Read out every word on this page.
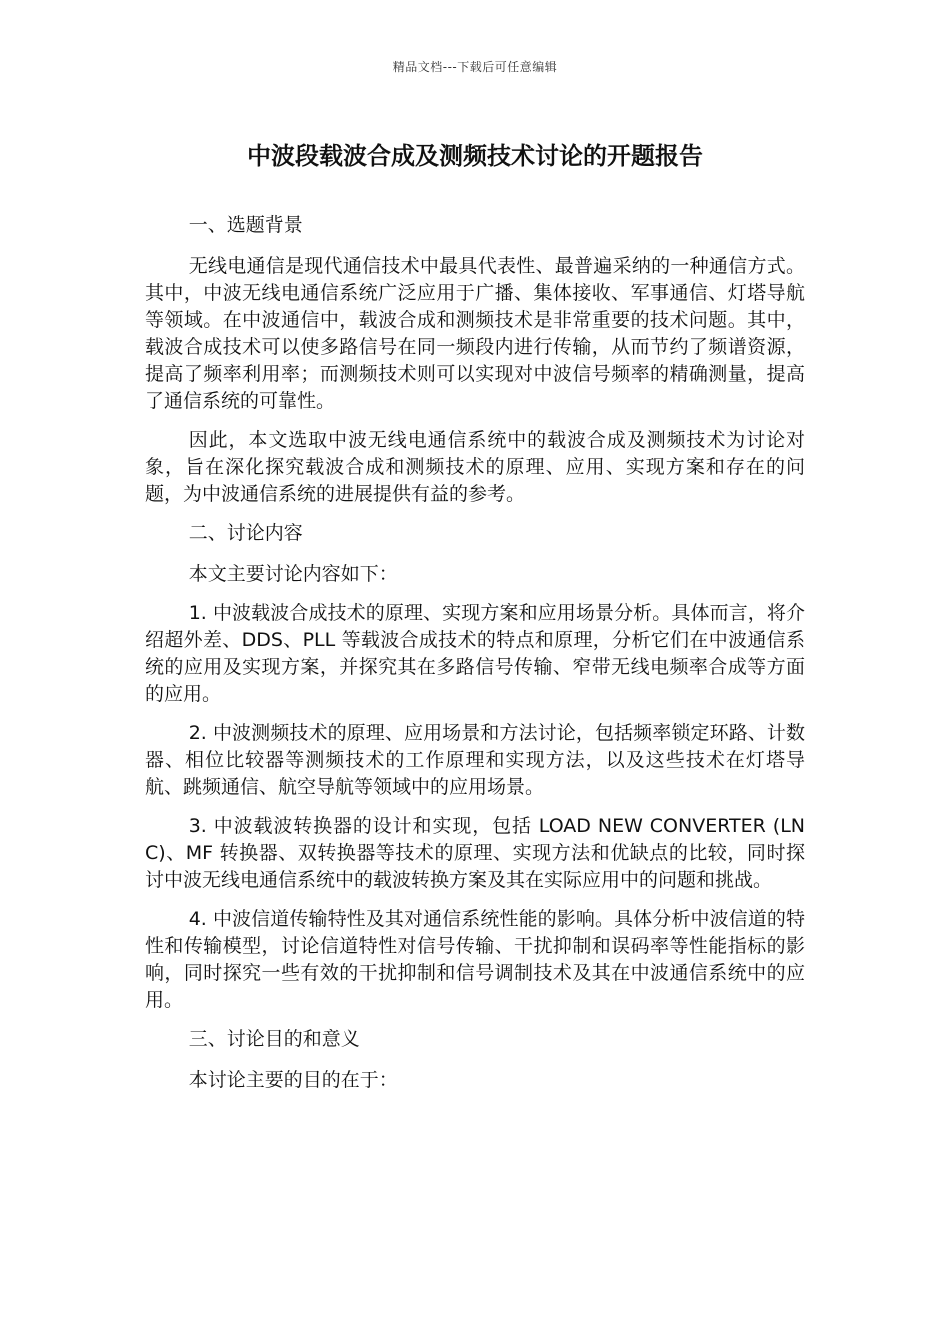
精品文档---下载后可任意编辑
中波段载波合成及测频技术讨论的开题报告
一、选题背景

无线电通信是现代通信技术中最具代表性、最普遍采纳的一种通信方式。其中，中波无线电通信系统广泛应用于广播、集体接收、军事通信、灯塔导航等领域。在中波通信中，载波合成和测频技术是非常重要的技术问题。其中，载波合成技术可以使多路信号在同一频段内进行传输，从而节约了频谱资源，提高了频率利用率；而测频技术则可以实现对中波信号频率的精确测量，提高了通信系统的可靠性。

因此，本文选取中波无线电通信系统中的载波合成及测频技术为讨论对象，旨在深化探究载波合成和测频技术的原理、应用、实现方案和存在的问题，为中波通信系统的进展提供有益的参考。

二、讨论内容

本文主要讨论内容如下：

1. 中波载波合成技术的原理、实现方案和应用场景分析。具体而言，将介绍超外差、DDS、PLL 等载波合成技术的特点和原理，分析它们在中波通信系统的应用及实现方案，并探究其在多路信号传输、窄带无线电频率合成等方面的应用。

2. 中波测频技术的原理、应用场景和方法讨论，包括频率锁定环路、计数器、相位比较器等测频技术的工作原理和实现方法，以及这些技术在灯塔导航、跳频通信、航空导航等领域中的应用场景。

3. 中波载波转换器的设计和实现，包括 LOAD NEW CONVERTER (LNC)、MF 转换器、双转换器等技术的原理、实现方法和优缺点的比较，同时探讨中波无线电通信系统中的载波转换方案及其在实际应用中的问题和挑战。

4. 中波信道传输特性及其对通信系统性能的影响。具体分析中波信道的特性和传输模型，讨论信道特性对信号传输、干扰抑制和误码率等性能指标的影响，同时探究一些有效的干扰抑制和信号调制技术及其在中波通信系统中的应用。

三、讨论目的和意义

本讨论主要的目的在于：
